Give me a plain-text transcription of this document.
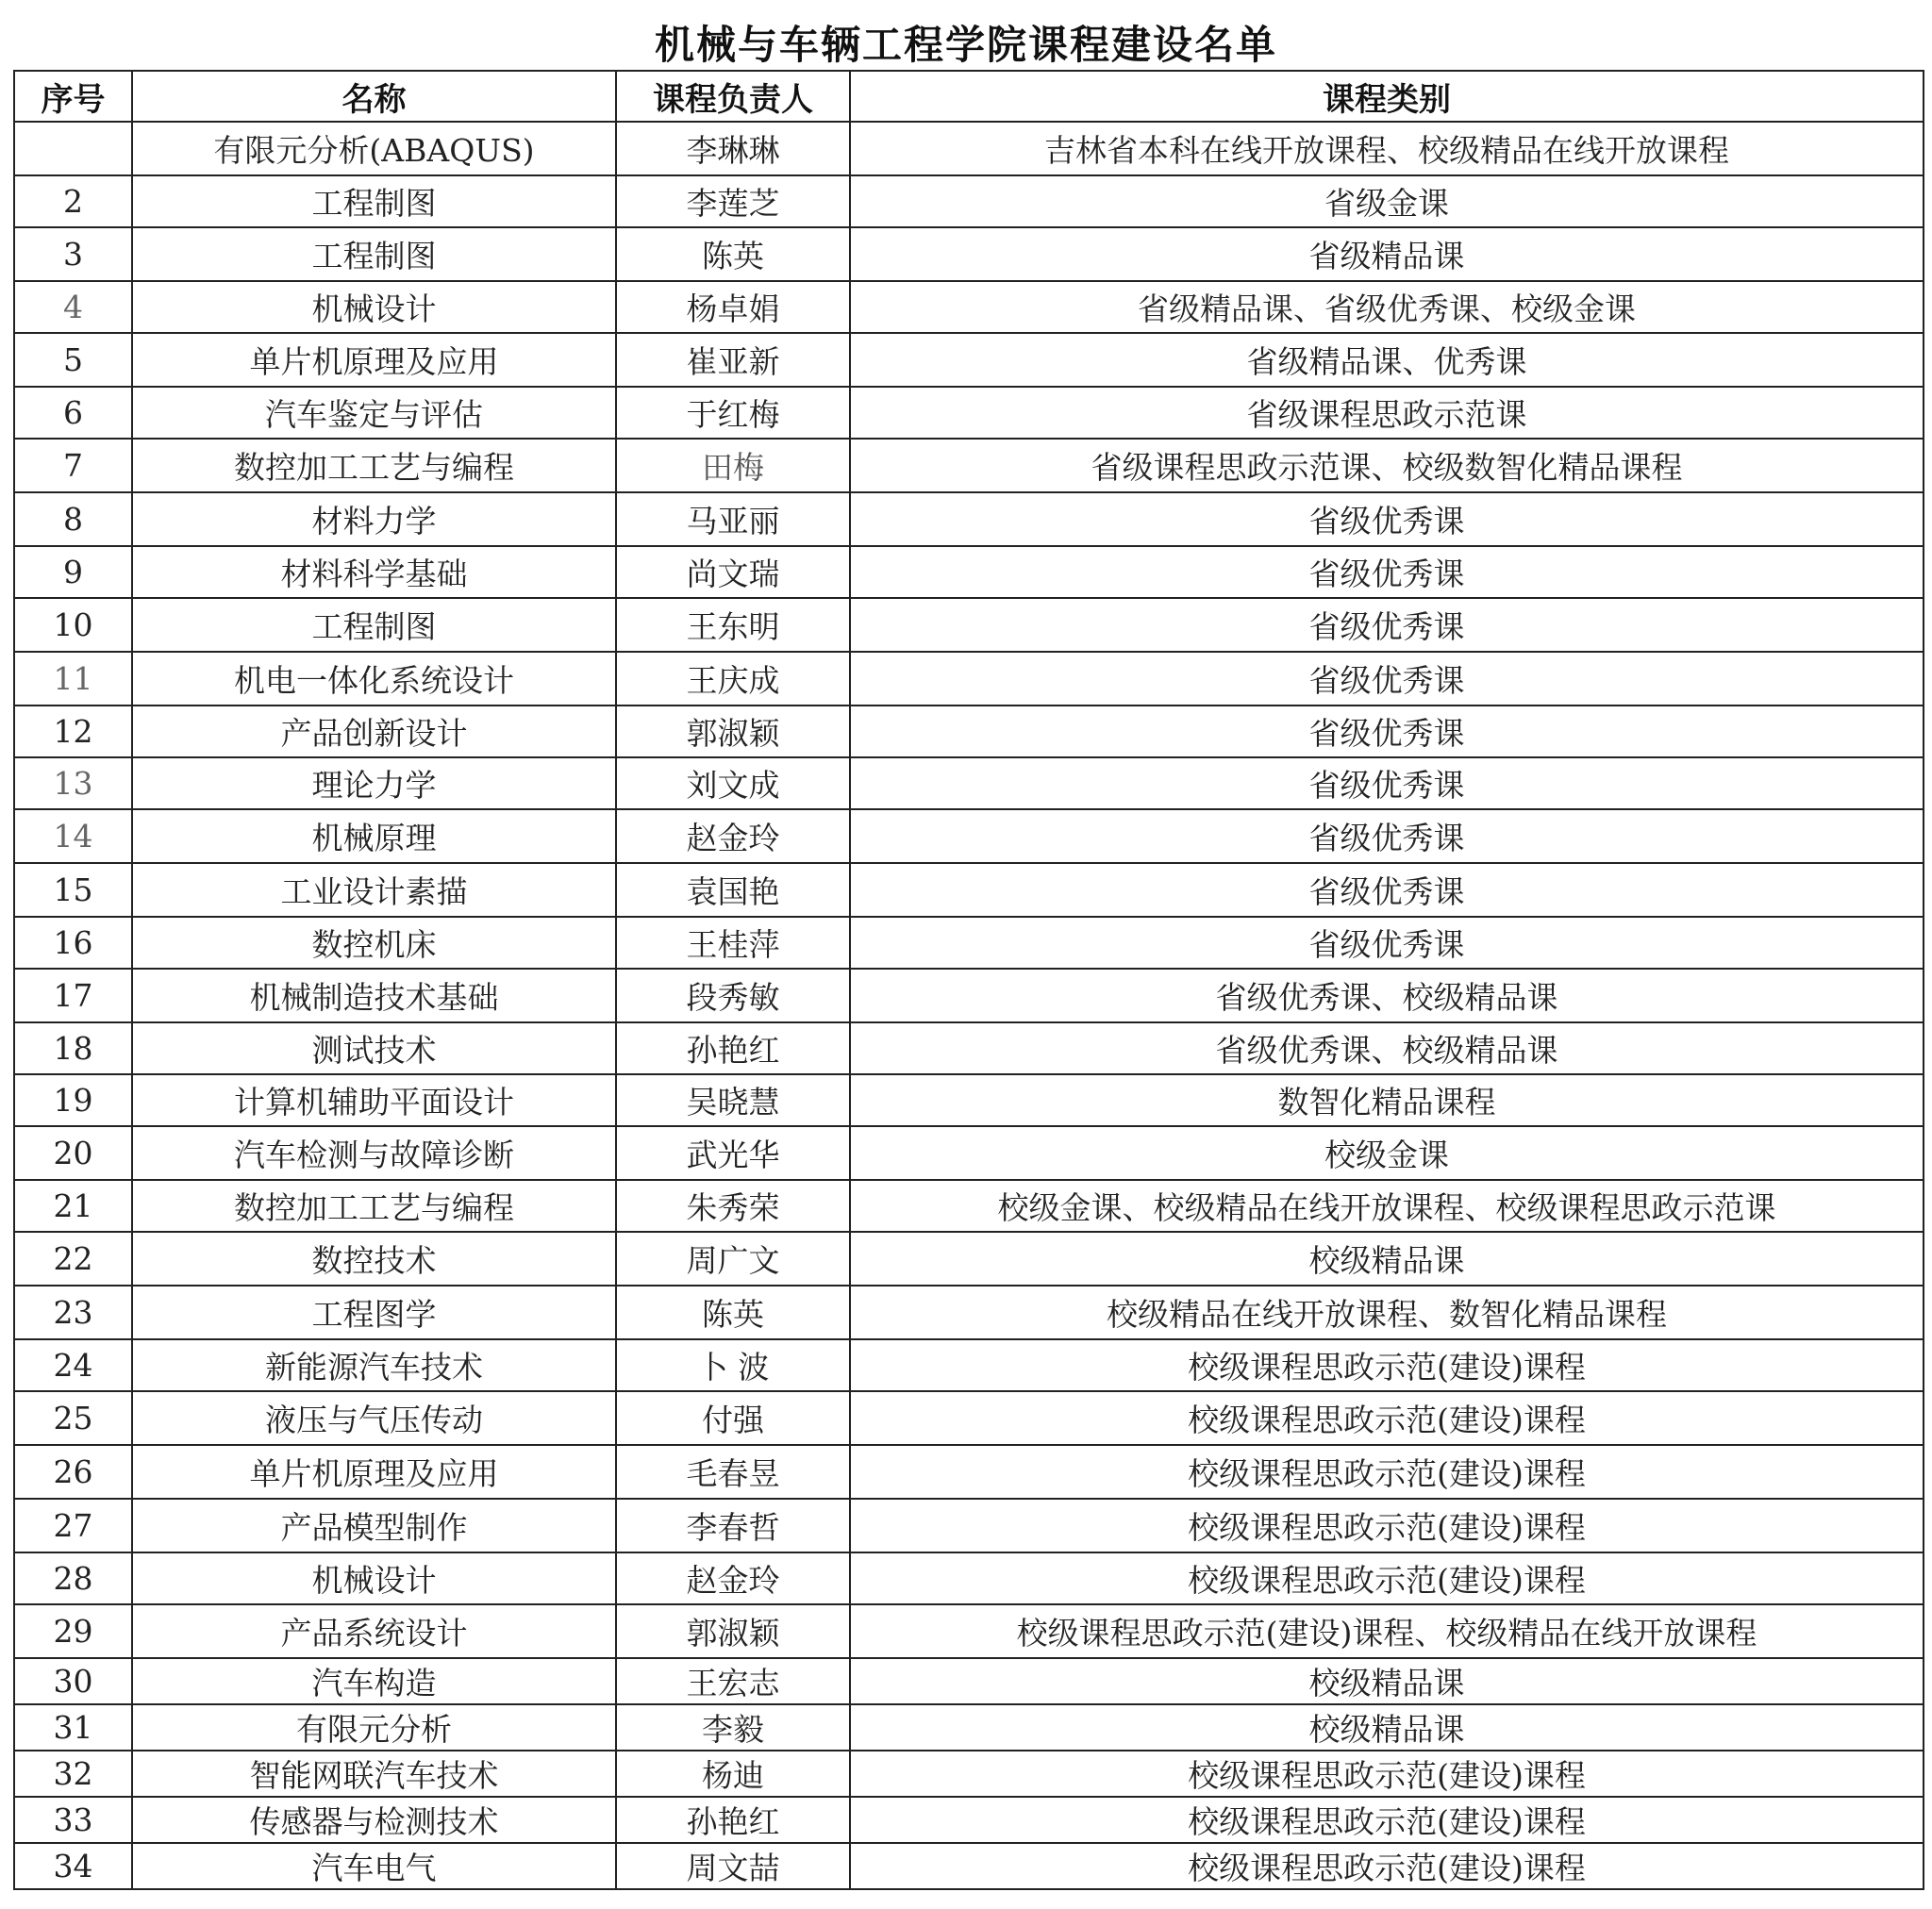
机械与车辆工程学院课程建设名单
序号	名称	课程负责人	课程类别
	有限元分析(ABAQUS)	李琳琳	吉林省本科在线开放课程、校级精品在线开放课程
2	工程制图	李莲芝	省级金课
3	工程制图	陈英	省级精品课
4	机械设计	杨卓娟	省级精品课、省级优秀课、校级金课
5	单片机原理及应用	崔亚新	省级精品课、优秀课
6	汽车鉴定与评估	于红梅	省级课程思政示范课
7	数控加工工艺与编程	田梅	省级课程思政示范课、校级数智化精品课程
8	材料力学	马亚丽	省级优秀课
9	材料科学基础	尚文瑞	省级优秀课
10	工程制图	王东明	省级优秀课
11	机电一体化系统设计	王庆成	省级优秀课
12	产品创新设计	郭淑颖	省级优秀课
13	理论力学	刘文成	省级优秀课
14	机械原理	赵金玲	省级优秀课
15	工业设计素描	袁国艳	省级优秀课
16	数控机床	王桂萍	省级优秀课
17	机械制造技术基础	段秀敏	省级优秀课、校级精品课
18	测试技术	孙艳红	省级优秀课、校级精品课
19	计算机辅助平面设计	吴晓慧	数智化精品课程
20	汽车检测与故障诊断	武光华	校级金课
21	数控加工工艺与编程	朱秀荣	校级金课、校级精品在线开放课程、校级课程思政示范课
22	数控技术	周广文	校级精品课
23	工程图学	陈英	校级精品在线开放课程、数智化精品课程
24	新能源汽车技术	卜 波	校级课程思政示范(建设)课程
25	液压与气压传动	付强	校级课程思政示范(建设)课程
26	单片机原理及应用	毛春昱	校级课程思政示范(建设)课程
27	产品模型制作	李春哲	校级课程思政示范(建设)课程
28	机械设计	赵金玲	校级课程思政示范(建设)课程
29	产品系统设计	郭淑颖	校级课程思政示范(建设)课程、校级精品在线开放课程
30	汽车构造	王宏志	校级精品课
31	有限元分析	李毅	校级精品课
32	智能网联汽车技术	杨迪	校级课程思政示范(建设)课程
33	传感器与检测技术	孙艳红	校级课程思政示范(建设)课程
34	汽车电气	周文喆	校级课程思政示范(建设)课程
